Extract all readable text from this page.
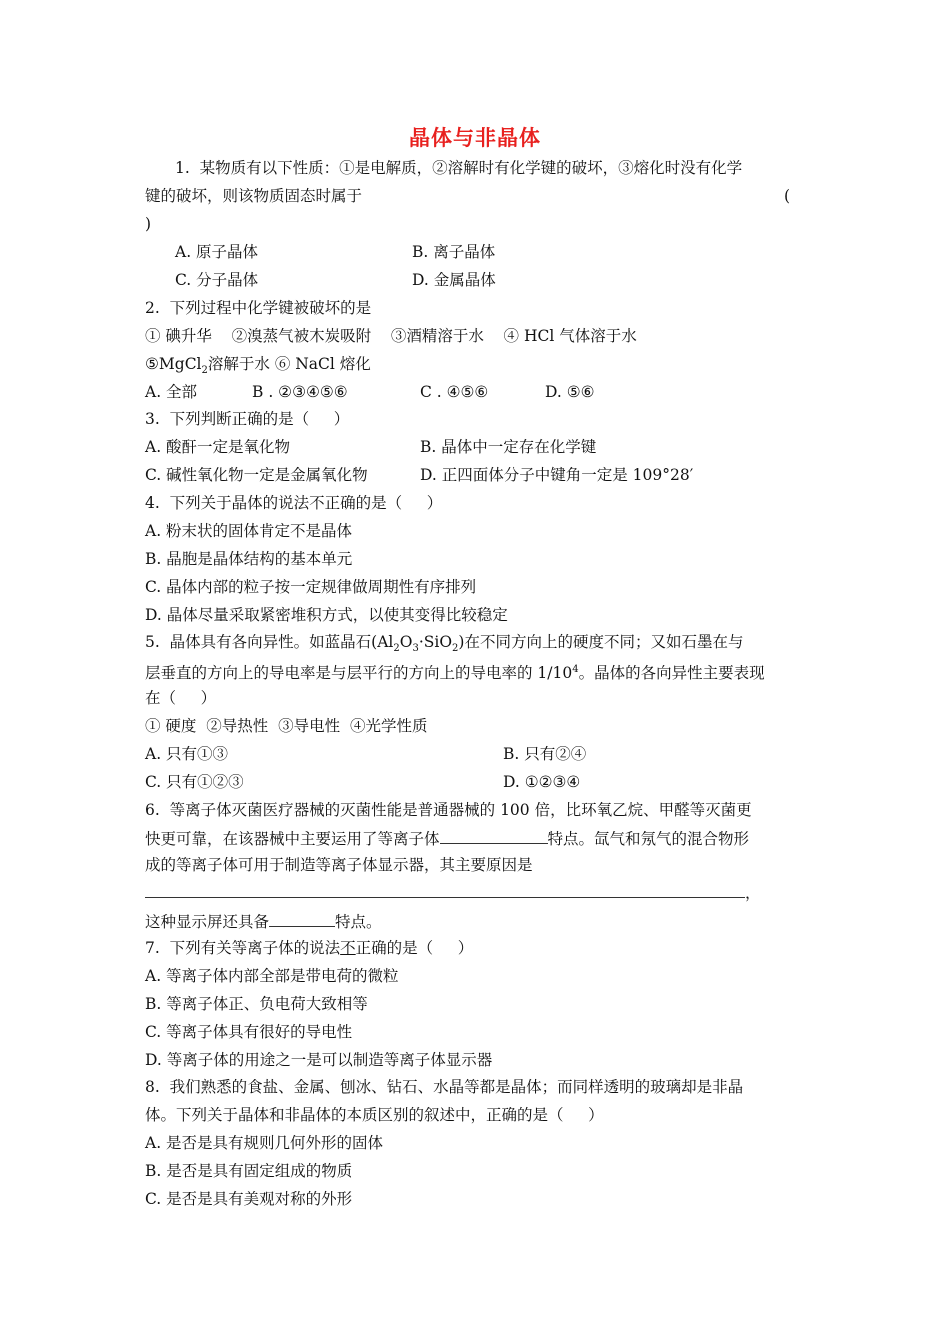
晶体与非晶体
1.  某物质有以下性质：①是电解质，②溶解时有化学键的破坏，③熔化时没有化学
键的破坏，则该物质固态时属于	(
)
A. 原子晶体	B. 离子晶体
C. 分子晶体	D. 金属晶体
2.  下列过程中化学键被破坏的是
① 碘升华    ②溴蒸气被木炭吸附    ③酒精溶于水    ④ HCl 气体溶于水
⑤MgCl$_2$溶解于水 ⑥ NaCl 熔化
A. 全部	B . ②③④⑤⑥	C . ④⑤⑥	D. ⑤⑥
3.  下列判断正确的是（     ）
A. 酸酐一定是氧化物	B. 晶体中一定存在化学键
C. 碱性氧化物一定是金属氧化物	D. 正四面体分子中键角一定是 109°28′
4.  下列关于晶体的说法不正确的是（     ）
A. 粉末状的固体肯定不是晶体
B. 晶胞是晶体结构的基本单元
C. 晶体内部的粒子按一定规律做周期性有序排列
D. 晶体尽量采取紧密堆积方式，以使其变得比较稳定
5.  晶体具有各向异性。如蓝晶石$(Al_2O_3\cdot SiO_2)$在不同方向上的硬度不同；又如石墨在与
层垂直的方向上的导电率是与层平行的方向上的导电率的 $1/10^4$。晶体的各向异性主要表现
在（     ）
① 硬度  ②导热性  ③导电性  ④光学性质
A. 只有①③	B. 只有②④
C. 只有①②③	D. ①②③④
6.  等离子体灭菌医疗器械的灭菌性能是普通器械的 100 倍，比环氧乙烷、甲醛等灭菌更
快更可靠，在该器械中主要运用了等离子体	特点。氙气和氖气的混合物形
成的等离子体可用于制造等离子体显示器，其主要原因是
，
这种显示屏还具备	特点。
7.  下列有关等离子体的说法不正确的是（     ）
A. 等离子体内部全部是带电荷的微粒
B. 等离子体正、负电荷大致相等
C. 等离子体具有很好的导电性
D. 等离子体的用途之一是可以制造等离子体显示器
8.  我们熟悉的食盐、金属、刨冰、钻石、水晶等都是晶体；而同样透明的玻璃却是非晶
体。下列关于晶体和非晶体的本质区别的叙述中，正确的是（     ）
A. 是否是具有规则几何外形的固体
B. 是否是具有固定组成的物质
C. 是否是具有美观对称的外形
